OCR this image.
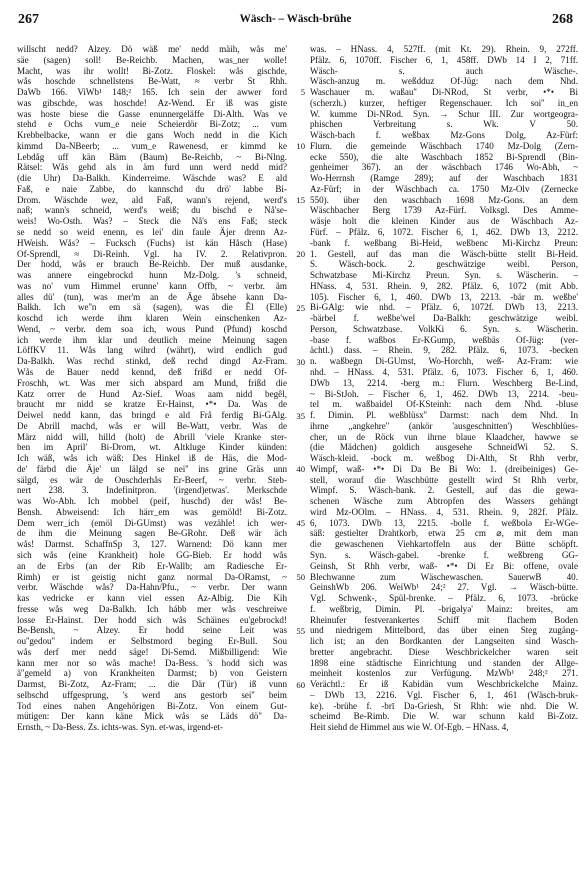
267	Wäsch- – Wäsch-brühe	268
willscht nedd? Alzey. Dö wäß me' nedd mäih, wås me'
säe (sagen) soll! Be-Reichb. Machen, was_ner wolle!
Macht, was ihr wollt! Bi-Zotz. Floskel: wås gischde,
wås hoschde schnellstens Be-Watt, ≈ verbr St Rhh.
DaWb 166. ViWb¹ 148;² 165. Ich sein der awwer ford
was gibschde, was hoschde! Az-Wend. Er iß was giste
was hoste biese die Gasse enunnergeläffe Di-Alth. Was ve
stehd e Ochs vum_e neie Scheierdör Bi-Zotz; ... vum
Krebbelbacke, wann er die gans Woch nedd in die Kich
kimmd Da-NBeerb; ... vum_e Rawenesd, er kimmd ke
Lebdåg uff kän Bäm (Baum) Be-Reichb, ~ Bi-Nlng.
Rätsel: Wås gehd als in äm furd unn werd nedd mid?
(die Uhr) Da-Balkh. Kinderreime. Wäschde was? E ald
Faß, e naie Zabbe, do kannschd du drö' labbe Bi-
Drom. Wäschde wez, ald Faß, wann's rejend, werd's
naß; wann's schneid, werd's weiß; du bischd e Nå'se-
weis! Wo-Osth. Was? – Steck die Nå's ens Faß; steck
se nedd so weid enenn, es lei' din faule Äjer drenn Az-
HWeish. Wås? – Fucksch (Fuchs) ist kän Håsch (Hase)
Of-Sprendl, ≈ Di-Reinh. Vgl. ha IV. 2. Relativpron.
Der hodd, wås er brauch Be-Reichb. Der muß ausdanke,
was annere eingebrockd hunn Mz-Dolg. 's schneid,
was no' vum Himmel erunne' kann Offb, ~ verbr. äm
alles dü' (tun), was mer'm an de Äge åbsehe kann Da-
Balkh. Ich we''n em sä (sagen), was die Êl (Elle)
koschd ich werde ihm klaren Wein einschenken Az-
Wend, ~ verbr. dem soa ich, wous Pund (Pfund) koschd
ich werde ihm klar und deutlich meine Meinung sagen
LöffKV 11. Wås lang wihrd (währt), wird endlich gud
Da-Balkh. Was rechd stinkd, deß rechd dingd Az-Fram.
Wås de Bauer nedd kennd, deß frißd er nedd Of-
Froschh, wt. Was mer sich abspard am Mund, frißd die
Katz orrer de Hund Az-Sief. Woas aam nidd begêl,
braucht mr nidd se kratze Er-Hainst, •*• Da. Was de
Deiwel nedd kann, das bringd e ald Frå ferdig Bi-GAlg.
De Abrill machd, wås er will Be-Watt, verbr. Was de
März nidd will, hilld (holt) de Abrill 'viele Kranke ster-
ben im April' Bi-Drom, wt. Altkluge Kinder künden:
Ich wäß, wås ich wäß: Des Hinkel iß de Häs, die Mod-
de' färbd die Äje' un lälgd se nei'' ins grine Gräs unn
sälgd, es wär de Ouschderhås Er-Beerf, ~ verbr. Steb-
nert 238. 3. Indefinitpron. '(irgend)etwas'. Merkschde
was Wo-Abh. Ich mobbel (peif, huschd) der wås! Be-
Bensh. Abweisend: Ich härr_em was gemöld! Bi-Zotz.
Dem werr_ich (emöl Di-GUmst) was vezähle! ich wer-
de ihm die Meinung sagen Be-GRohr. Deß wär äch
wås! Darmst. SchaffnSp 3, 127. Warnend: Dö kann mer
sich wås (eine Krankheit) hole GG-Bieb. Er hodd wås
an de Erbs (an der Rib Er-Wallb; am Radiesche Er-
Rimh) er ist geistig nicht ganz normal Da-ORamst, ~
verbr. Wäschde wås? Da-Hahn/Pfu., ~ verbr. Der wann
kas vedricke er kann viel essen Az-Albig. Die Kih
fresse wås weg Da-Balkh. Ich hább mer wås veschreiwe
losse Er-Hainst. Der hodd sich wås Schäines eu'gebrockd!
Be-Bensh, ~ Alzey. Er hodd seine Leit was
ou''gedou'' indem er Selbstmord beging Er-Bull. Sou
wås derf mer nedd säge! Di-Semd. Mißbilligend: Wie
kann mer nor so wås mache! Da-Bess. 's hodd sich was
ä''gemeld a) von Krankheiten Darmst; b) von Geistern
Darmst, Bi-Zotz, Az-Fram; ... die Där (Tür) iß vunn
selbschd uffgesprung, 's werd ans gestorb sei'' beim
Tod eines nahen Angehörigen Bi-Zotz. Von einem Gut-
mütigen: Der kann käne Mick wås se Läds dö'' Da-
Ernsth, ~ Da-Bess. Zs. ichts-was. Syn. et-was, irgend-et-
5
10
15
20
25
30
35
40
45
50
55
60
was. – HNass. 4, 527ff. (mit Kt. 29). Rhein. 9, 272ff.
Pfälz. 6, 1070ff. Fischer 6, 1, 458ff. DWb 14 I 2, 71ff.
Wäsch- s. auch Wäsche-.
Wäsch-anzug m. weßdduz Of-Jüg: nach dem Nhd.
Waschauer m. waßau'' Di-NRod, St verbr, •*• Bi
(scherzh.) kurzer, heftiger Regenschauer. Ich soi'' in_en
W. kumme Di-NRod. Syn. → Schur III. Zur wortgeogra-
phischen Verbreitung s. Wk. V 50.
Wäsch-bach f. weßbax Mz-Gons Dolg, Az-Fürf:
Flurn. die gemeinde Wäschbach 1740 Mz-Dolg (Zern-
ecke 550), die alte Waschbach 1852 Bi-Sprendl (Bin-
genheimer 367). an der wäschbach 1746 Wo-Abh, ~
Wo-Herrnsh (Ramge 289); auf der Waschbach 1831
Az-Fürf; in der Wäschbach ca. 1750 Mz-Olv (Zernecke
550). über den waschbach 1698 Mz-Gons. an dem
Wäschbacher Berg 1739 Az-Fürf. Volksgl. Des Amme-
wäsje holt die kleinen Kinder aus de Wäschbach Az-
Fürf. – Pfälz. 6, 1072. Fischer 6, 1, 462. DWb 13, 2212.
-bank f. weßbang Bi-Heid, weßbenc Mi-Kirchz Preun:
1. Gestell, auf das man die Wäsch-bütte stellt Bi-Heid.
S. Wäsch-bock. 2. geschwätzige weibl. Person,
Schwatzbase Mi-Kirchz Preun. Syn. s. Wäscherin. –
HNass. 4, 531. Rhein. 9, 282. Pfälz. 6, 1072 (mit Abb.
105). Fischer 6, 1, 460. DWb 13, 2213. -bär m. weßbe'
Bi-GAlg: wie nhd. – Pfälz. 6, 1072f. DWb 13, 2213.
-bärbel f. weßbe'wel Da-Balkh: geschwätzige weibl.
Person, Schwatzbase. VolkKi 6. Syn. s. Wäscherin.
-base f. waßbos Er-KGump, weßbäs Of-Jüg: (ver-
ächtl.) dass. – Rhein. 9, 282. Pfälz. 6, 1073. -becken
n. waßbegn Di-GUmst, Wo-Horchh, weß- Az-Fram: wie
nhd. – HNass. 4, 531. Pfälz. 6, 1073. Fischer 6, 1, 460.
DWb 13, 2214. -berg m.: Flurn. Weschberg Be-Lind,
~ Bi-StJoh. – Fischer 6, 1, 462. DWb 13, 2214. -beu-
tel m. waßbaidel Of-KSteinh: nach dem Nhd. -bluse
f. Dimin. Pl. weßblüsx'' Darmst: nach dem Nhd. In
ihrne „angkehre'' (ankör 'ausgeschnitten') Weschblües-
cher, un de Röck vun ihrne blaue Klaadcher, hawwe se
(die Mädchen) goldich ausgesehe SchneidWi 52. S.
Wäsch-kleid. -bock m. weßbog Di-Alth, St Rhh verbr,
Wimpf, waß- •*• Di Da Be Bi Wo: 1. (dreibeiniges) Ge-
stell, worauf die Waschbütte gestellt wird St Rhh verbr,
Wimpf. S. Wäsch-bank. 2. Gestell, auf das die gewa-
schenen Wäsche zum Abtropfen des Wassers gehängt
wird Mz-OOlm. – HNass. 4, 531. Rhein. 9, 282f. Pfälz.
6, 1073. DWb 13, 2215. -bolle f. weßbolə Er-WGe-
säß: gestielter Drahtkorb, etwa 25 cm ⌀, mit dem man
die gewaschenen Viehkartoffeln aus der Bütte schöpft.
Syn. s. Wäsch-gabel. -brenke f. weßbreng GG-
Geinsh, St Rhh verbr, waß- •*• Di Er Bi: offene, ovale
Blechwanne zum Wäschewaschen. SauerwB 40.
GeinshWb 206. WeiWb¹ 24;² 27. Vgl. → Wäsch-bütte.
Vgl. Schwenk-, Spül-brenke. – Pfälz. 6, 1073. -brücke
f. weßbrig, Dimin. Pl. -brigəlyə' Mainz: breites, am
Rheinufer festverankertes Schiff mit flachem Boden
und niedrigem Mittelbord, das über einen Steg zugäng-
lich ist; an den Bordkanten der Langseiten sind Wasch-
bretter angebracht. Diese Weschbrickelcher waren seit
1898 eine städtische Einrichtung und standen der Allge-
meinheit kostenlos zur Verfügung. MzWb¹ 248;² 271.
Verächtl.: Er iß Kabidän vum Weschbrickelche Mainz.
– DWb 13, 2216. Vgl. Fischer 6, 1, 461 (Wäsch-bruk-
ke). -brühe f. -brī Da-Griesh, St Rhh: wie nhd. Die W.
scheimd Be-Rimb. Die W. war schunn kald Bi-Zotz.
Heit siehd de Himmel aus wie W. Of-Egb. – HNass. 4,
